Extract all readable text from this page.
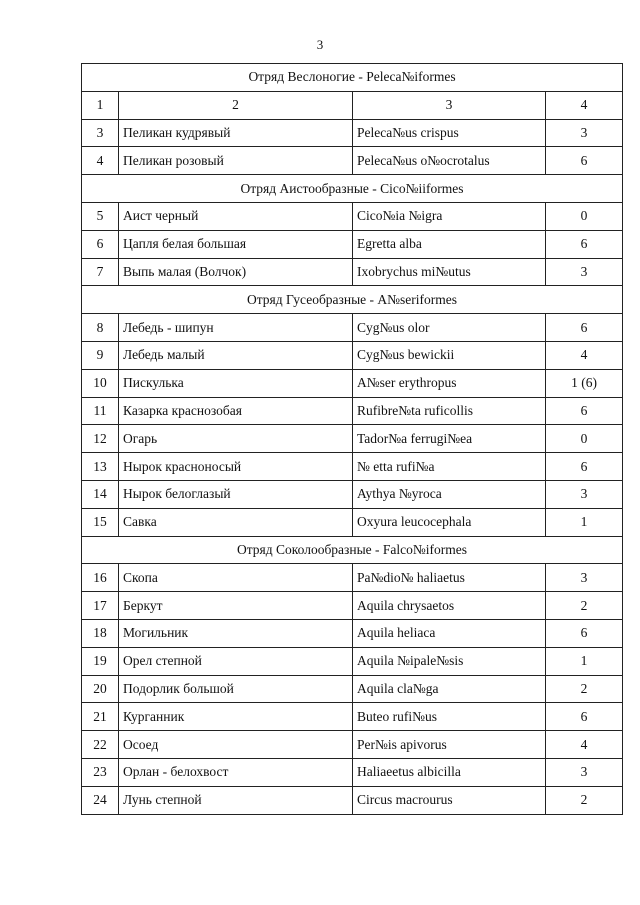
3
Отряд Веслоногие - Peleca№iformes			
1	2	3	4
3	Пеликан кудрявый	Peleca№us crispus	3
4	Пеликан розовый	Peleca№us o№ocrotalus	6
Отряд Аистообразные - Cico№iiformes			
5	Аист черный	Cico№ia №igra	0
6	Цапля белая большая	Egretta alba	6
7	Выпь малая (Волчок)	Ixobrychus mi№utus	3
Отряд Гусеобразные - A№seriformes			
8	Лебедь - шипун	Cyg№us olor	6
9	Лебедь малый	Cyg№us bewickii	4
10	Пискулька	A№ser erythropus	1 (6)
11	Казарка краснозобая	Rufibre№ta ruficollis	6
12	Огарь	Tador№a ferrugi№ea	0
13	Нырок красноносый	№ etta rufi№a	6
14	Нырок белоглазый	Aythya №yroca	3
15	Савка	Oxyura leucocephala	1
Отряд Соколообразные - Falco№iformes			
16	Скопа	Pa№dio№ haliaetus	3
17	Беркут	Aquila chrysaetos	2
18	Могильник	Aquila heliaca	6
19	Орел степной	Aquila №ipale№sis	1
20	Подорлик большой	Aquila cla№ga	2
21	Курганник	Buteo rufi№us	6
22	Осоед	Per№is apivorus	4
23	Орлан - белохвост	Haliaeetus albicilla	3
24	Лунь степной	Circus macrourus	2
